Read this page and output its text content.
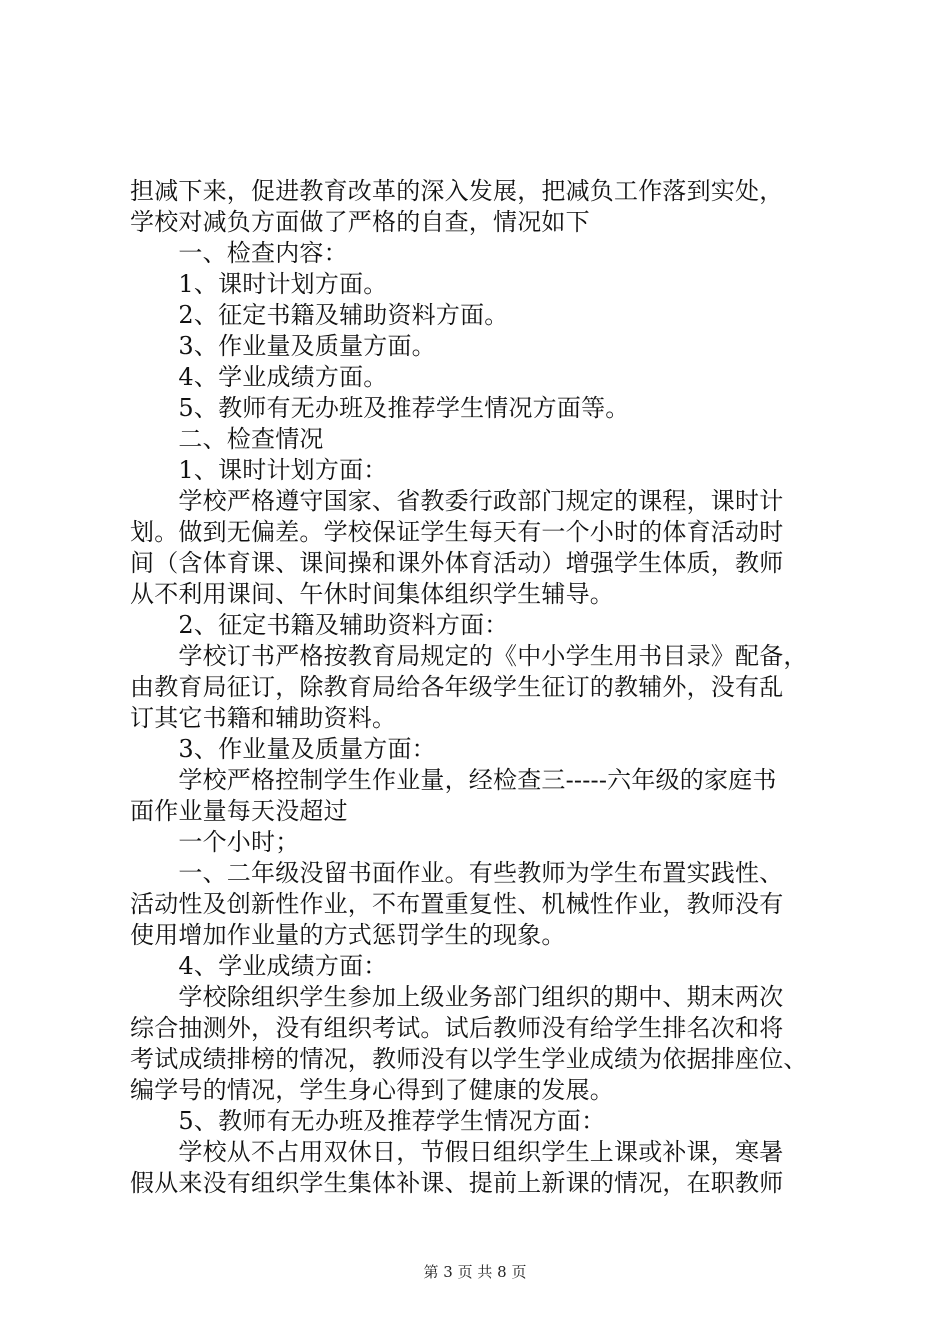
担减下来，促进教育改革的深入发展，把减负工作落到实处，
学校对减负方面做了严格的自查，情况如下
　　一、检查内容：
　　1、课时计划方面。
　　2、征定书籍及辅助资料方面。
　　3、作业量及质量方面。
　　4、学业成绩方面。
　　5、教师有无办班及推荐学生情况方面等。
　　二、检查情况
　　1、课时计划方面：
　　学校严格遵守国家、省教委行政部门规定的课程，课时计
划。做到无偏差。学校保证学生每天有一个小时的体育活动时
间（含体育课、课间操和课外体育活动）增强学生体质，教师
从不利用课间、午休时间集体组织学生辅导。
　　2、征定书籍及辅助资料方面：
　　学校订书严格按教育局规定的《中小学生用书目录》配备，
由教育局征订，除教育局给各年级学生征订的教辅外，没有乱
订其它书籍和辅助资料。
　　3、作业量及质量方面：
　　学校严格控制学生作业量，经检查三-----六年级的家庭书
面作业量每天没超过
　　一个小时；
　　一、二年级没留书面作业。有些教师为学生布置实践性、
活动性及创新性作业，不布置重复性、机械性作业，教师没有
使用增加作业量的方式惩罚学生的现象。
　　4、学业成绩方面：
　　学校除组织学生参加上级业务部门组织的期中、期末两次
综合抽测外，没有组织考试。试后教师没有给学生排名次和将
考试成绩排榜的情况，教师没有以学生学业成绩为依据排座位、
编学号的情况，学生身心得到了健康的发展。
　　5、教师有无办班及推荐学生情况方面：
　　学校从不占用双休日，节假日组织学生上课或补课，寒暑
假从来没有组织学生集体补课、提前上新课的情况，在职教师
第 3 页 共 8 页
